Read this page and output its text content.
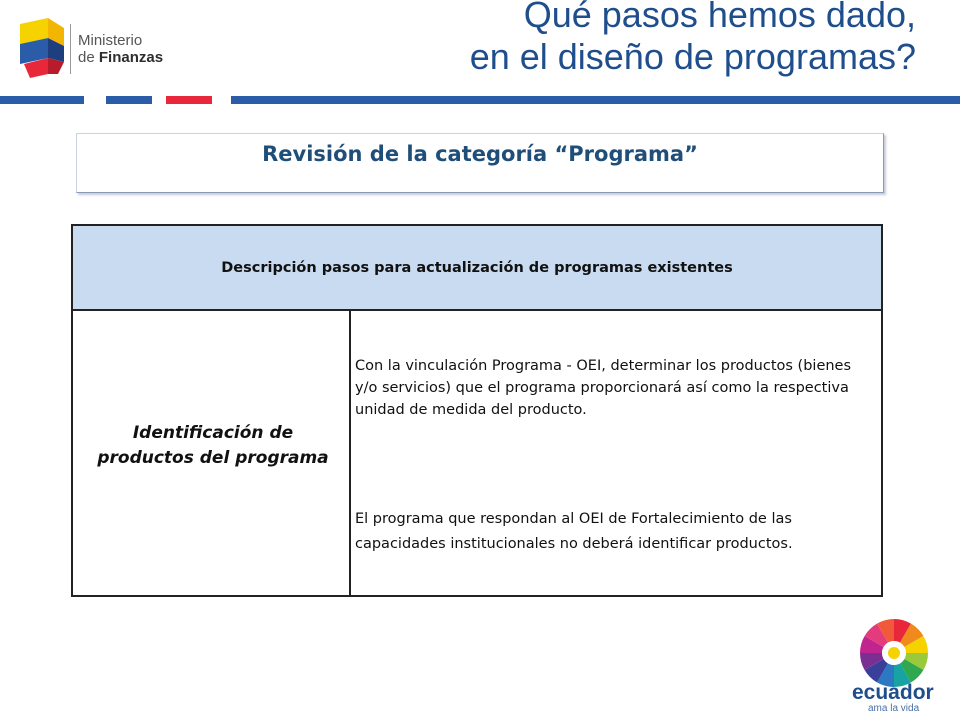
Ministerio
de Finanzas
Qué pasos hemos dado,
en el diseño de programas?
Revisión de la categoría “Programa”
Descripción pasos para actualización de programas existentes
Identificación de
productos del programa
Con la vinculación Programa - OEI, determinar los productos (bienes y/o servicios) que el programa proporcionará así como la respectiva unidad de medida del producto.
El programa que respondan al OEI de Fortalecimiento de las capacidades institucionales no deberá identificar productos.
ecuador
ama la vida
